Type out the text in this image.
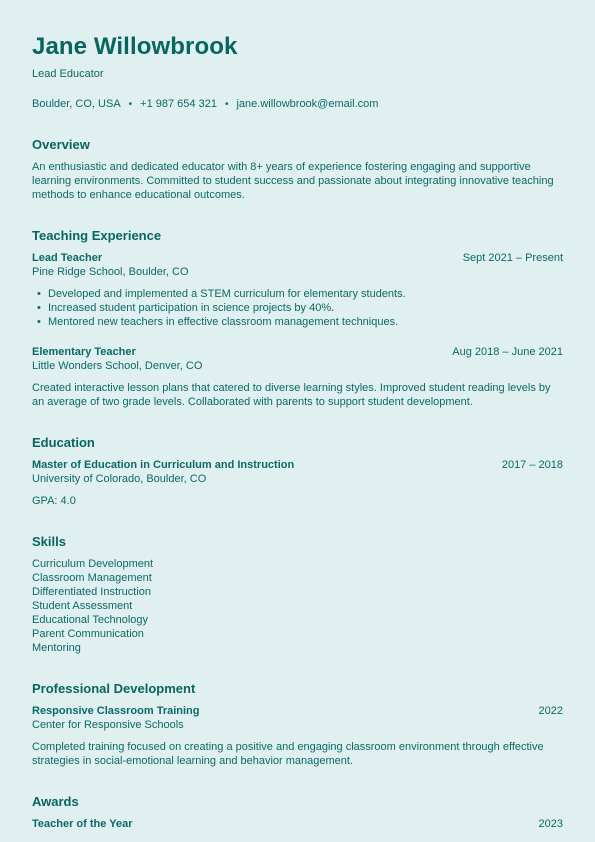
Jane Willowbrook
Lead Educator
Boulder, CO, USA • +1 987 654 321 • jane.willowbrook@email.com
Overview

An enthusiastic and dedicated educator with 8+ years of experience fostering engaging and supportive learning environments. Committed to student success and passionate about integrating innovative teaching methods to enhance educational outcomes.

Teaching Experience
Lead Teacher	Sept 2021 – Present
Pine Ridge School, Boulder, CO
• Developed and implemented a STEM curriculum for elementary students.
• Increased student participation in science projects by 40%.
• Mentored new teachers in effective classroom management techniques.
Elementary Teacher	Aug 2018 – June 2021
Little Wonders School, Denver, CO

Created interactive lesson plans that catered to diverse learning styles. Improved student reading levels by an average of two grade levels. Collaborated with parents to support student development.

Education
Master of Education in Curriculum and Instruction	2017 – 2018
University of Colorado, Boulder, CO
GPA: 4.0
Skills
Curriculum Development
Classroom Management
Differentiated Instruction
Student Assessment
Educational Technology
Parent Communication
Mentoring
Professional Development
Responsive Classroom Training	2022
Center for Responsive Schools

Completed training focused on creating a positive and engaging classroom environment through effective strategies in social-emotional learning and behavior management.

Awards
Teacher of the Year	2023
